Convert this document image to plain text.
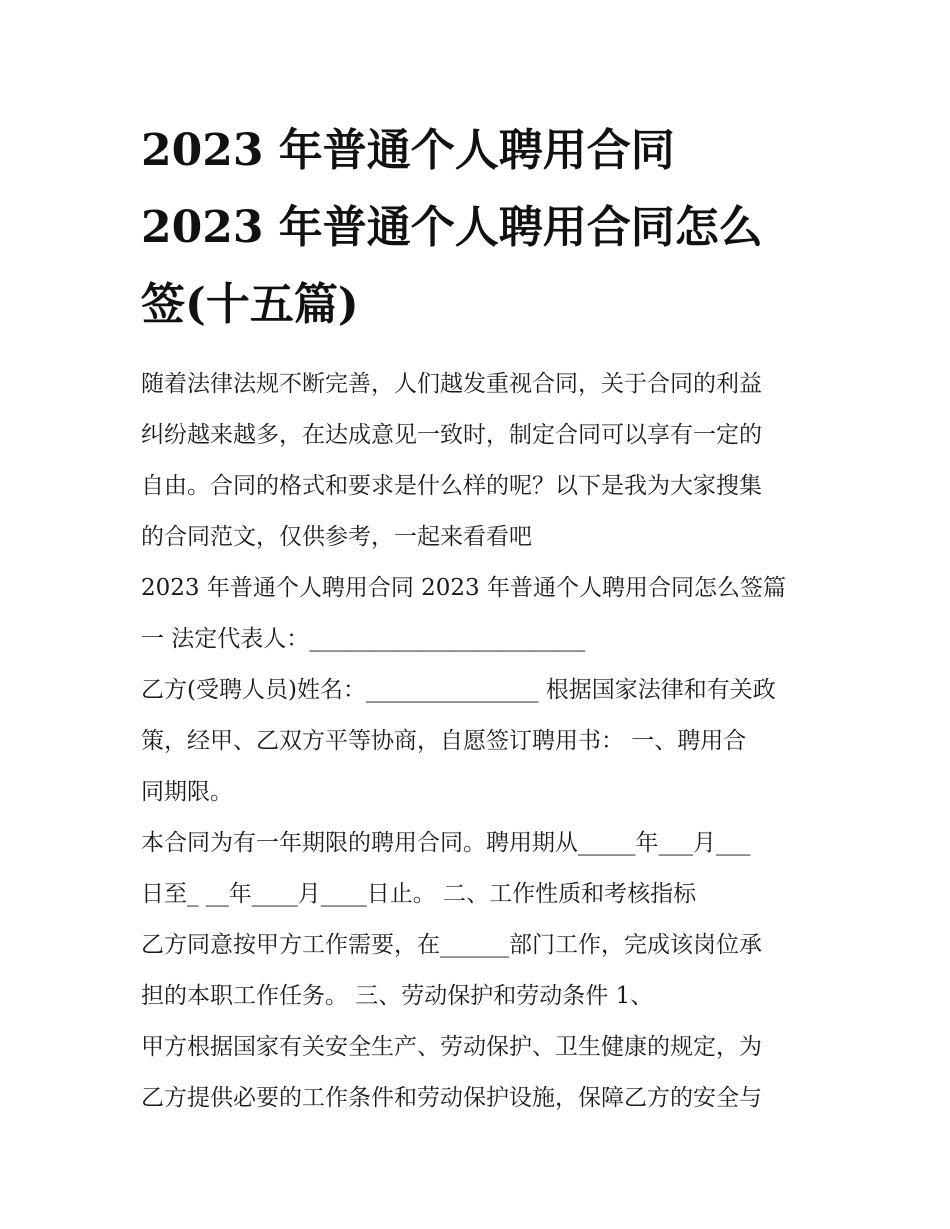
2023 年普通个人聘用合同
2023 年普通个人聘用合同怎么
签(十五篇)

随着法律法规不断完善，人们越发重视合同，关于合同的利益
纠纷越来越多，在达成意见一致时，制定合同可以享有一定的
自由。合同的格式和要求是什么样的呢？以下是我为大家搜集
的合同范文，仅供参考，一起来看看吧

2023 年普通个人聘用合同 2023 年普通个人聘用合同怎么签篇
一 法定代表人：________________________

乙方(受聘人员)姓名：_______________ 根据国家法律和有关政
策，经甲、乙双方平等协商，自愿签订聘用书： 一、聘用合
同期限。

本合同为有一年期限的聘用合同。聘用期从_____年___月___
日至_ __年____月____日止。 二、工作性质和考核指标

乙方同意按甲方工作需要，在______部门工作，完成该岗位承
担的本职工作任务。 三、劳动保护和劳动条件 1、

甲方根据国家有关安全生产、劳动保护、卫生健康的规定，为
乙方提供必要的工作条件和劳动保护设施，保障乙方的安全与
